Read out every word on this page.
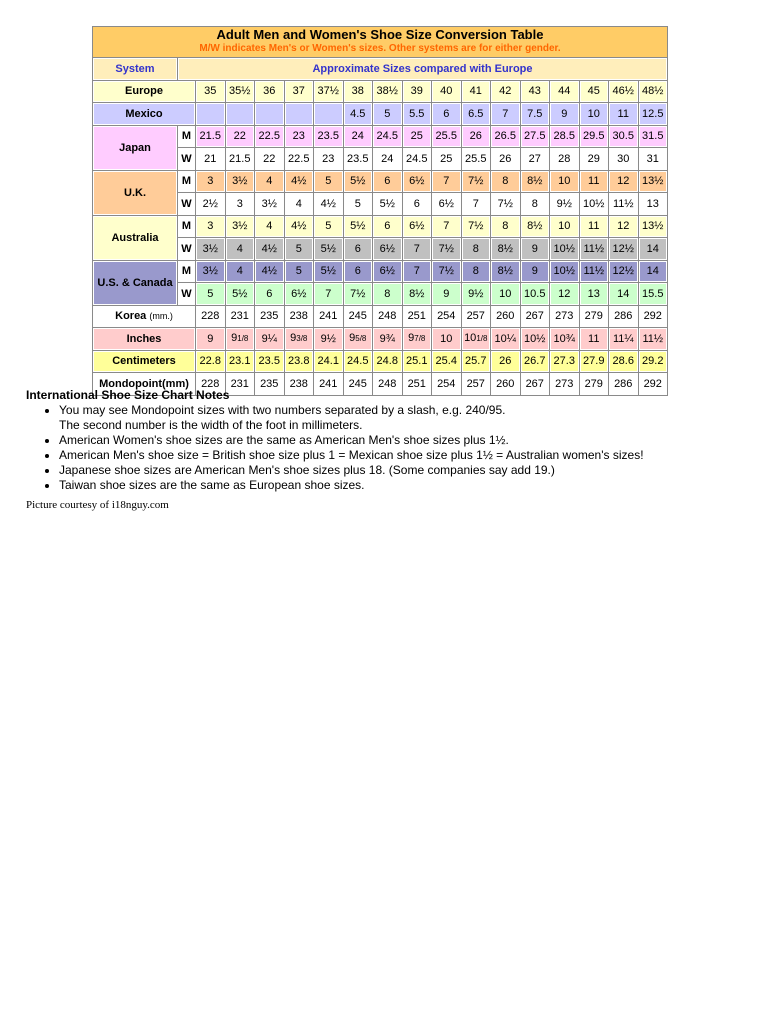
Adult Men and Women's Shoe Size Conversion Table
M/W indicates Men's or Women's sizes. Other systems are for either gender.																	

System	Approximate Sizes compared with Europe																
Europe		35	35½	36	37	37½	38	38½	39	40	41	42	43	44	45	46½	48½
Mexico							4.5	5	5.5	6	6.5	7	7.5	9	10	11	12.5
Japan	M	21.5	22	22.5	23	23.5	24	24.5	25	25.5	26	26.5	27.5	28.5	29.5	30.5	31.5
	W	21	21.5	22	22.5	23	23.5	24	24.5	25	25.5	26	27	28	29	30	31
U.K.	M	3	3½	4	4½	5	5½	6	6½	7	7½	8	8½	10	11	12	13½
	W	2½	3	3½	4	4½	5	5½	6	6½	7	7½	8	9½	10½	11½	13
Australia	M	3	3½	4	4½	5	5½	6	6½	7	7½	8	8½	10	11	12	13½
	W	3½	4	4½	5	5½	6	6½	7	7½	8	8½	9	10½	11½	12½	14
U.S. & Canada	M	3½	4	4½	5	5½	6	6½	7	7½	8	8½	9	10½	11½	12½	14
	W	5	5½	6	6½	7	7½	8	8½	9	9½	10	10.5	12	13	14	15.5
Korea (mm.)		228	231	235	238	241	245	248	251	254	257	260	267	273	279	286	292
Inches		9	91/8	9¼	93/8	9½	95/8	9¾	97/8	10	101/8	10¼	10½	10¾	11	11¼	11½
Centimeters		22.8	23.1	23.5	23.8	24.1	24.5	24.8	25.1	25.4	25.7	26	26.7	27.3	27.9	28.6	29.2
Mondopoint(mm)		228	231	235	238	241	245	248	251	254	257	260	267	273	279	286	292
International Shoe Size Chart Notes
• You may see Mondopoint sizes with two numbers separated by a slash, e.g. 240/95.
The second number is the width of the foot in millimeters.
• American Women's shoe sizes are the same as American Men's shoe sizes plus 1½.
• American Men's shoe size = British shoe size plus 1 = Mexican shoe size plus 1½ = Australian women's sizes!
• Japanese shoe sizes are American Men's shoe sizes plus 18. (Some companies say add 19.)
• Taiwan shoe sizes are the same as European shoe sizes.
Picture courtesy of i18nguy.com
